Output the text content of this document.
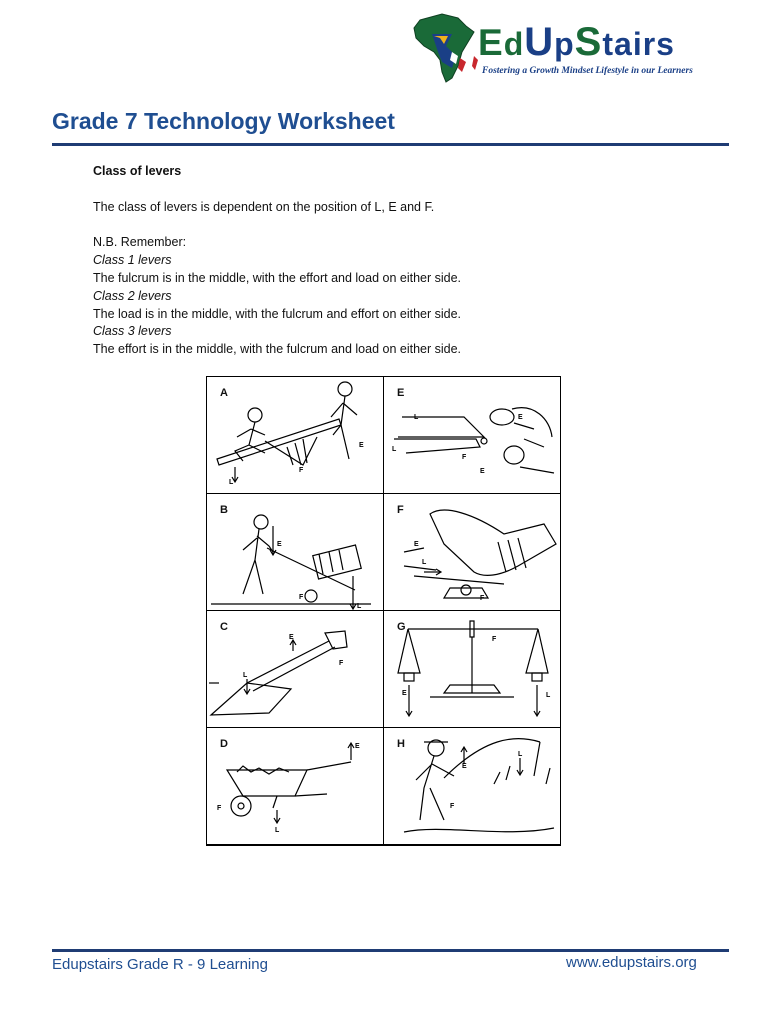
EdUpStairs
Fostering a Growth Mindset Lifestyle in our Learners
Grade 7 Technology Worksheet
Class of levers
The class of levers is dependent on the position of L, E and F.
N.B. Remember:
Class 1 levers
The fulcrum is in the middle, with the effort and load on either side.
Class 2 levers
The load is in the middle, with the fulcrum and effort on either side.
Class 3 levers
The effort is in the middle, with the fulcrum and load on either side.
A
E
F
L
E
L	E
L
F
E
B
E
F
L
F
E
L
F
C
E
F
L
G
F
E	L
D	E
F
L
H
E
L
F
Edupstairs Grade R - 9 Learning	www.edupstairs.org
